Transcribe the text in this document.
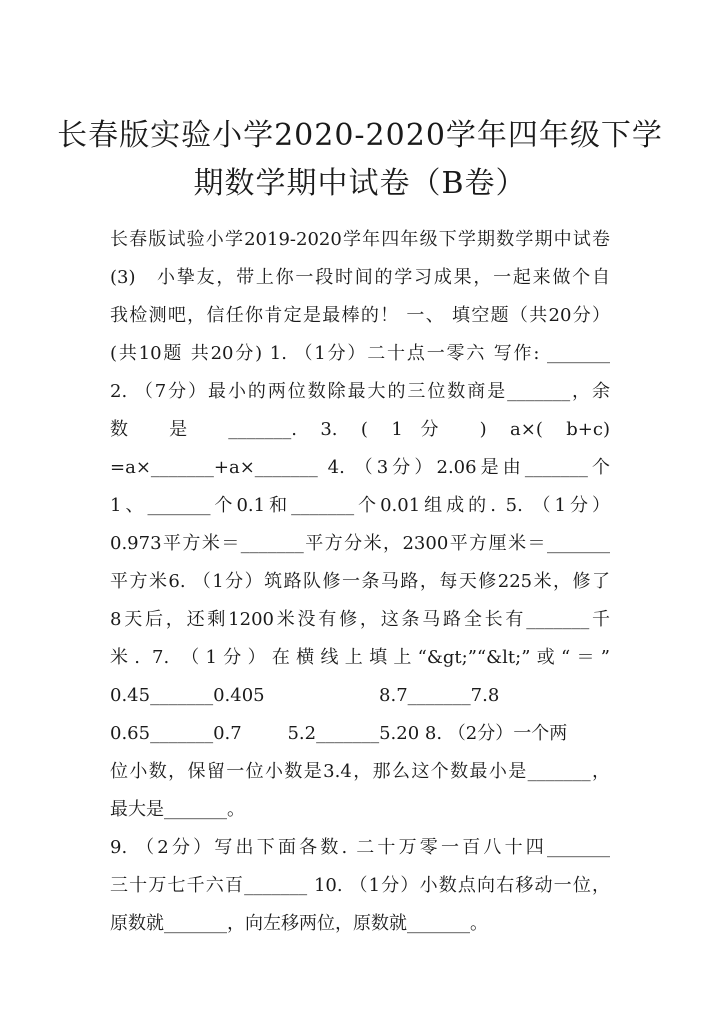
长春版实验小学2020-2020学年四年级下学
期数学期中试卷（B卷）
长春版试验小学2019-2020学年四年级下学期数学期中试卷
(3)　小挚友，带上你一段时间的学习成果，一起来做个自
我检测吧，信任你肯定是最棒的！ 一、 填空题（共20分）
(共10题 共20分) 1. （1分）二十点一零六 写作: _______
2. （7分）最小的两位数除最大的三位数商是_______，余
数 是 _______. 3. ( 1分 ) a×( b+c)
=a×_______+a×_______ 4. （3分）2.06是由_______个
1、_______个0.1和_______个0.01组成的. 5. （1分）
0.973平方米＝_______平方分米，2300平方厘米＝_______
平方米6. （1分）筑路队修一条马路，每天修225米，修了
8天后，还剩1200米没有修，这条马路全长有_______千
米. 7. （1分）在横线上填上“&gt;”“&lt;”或“＝”
0.45_______0.405                    8.7_______7.8
0.65_______0.7        5.2_______5.20 8. （2分）一个两
位小数，保留一位小数是3.4，那么这个数最小是_______，
最大是_______。
9. （2分）写出下面各数. 二十万零一百八十四_______
三十万七千六百_______ 10. （1分）小数点向右移动一位，
原数就_______，向左移两位，原数就_______。
